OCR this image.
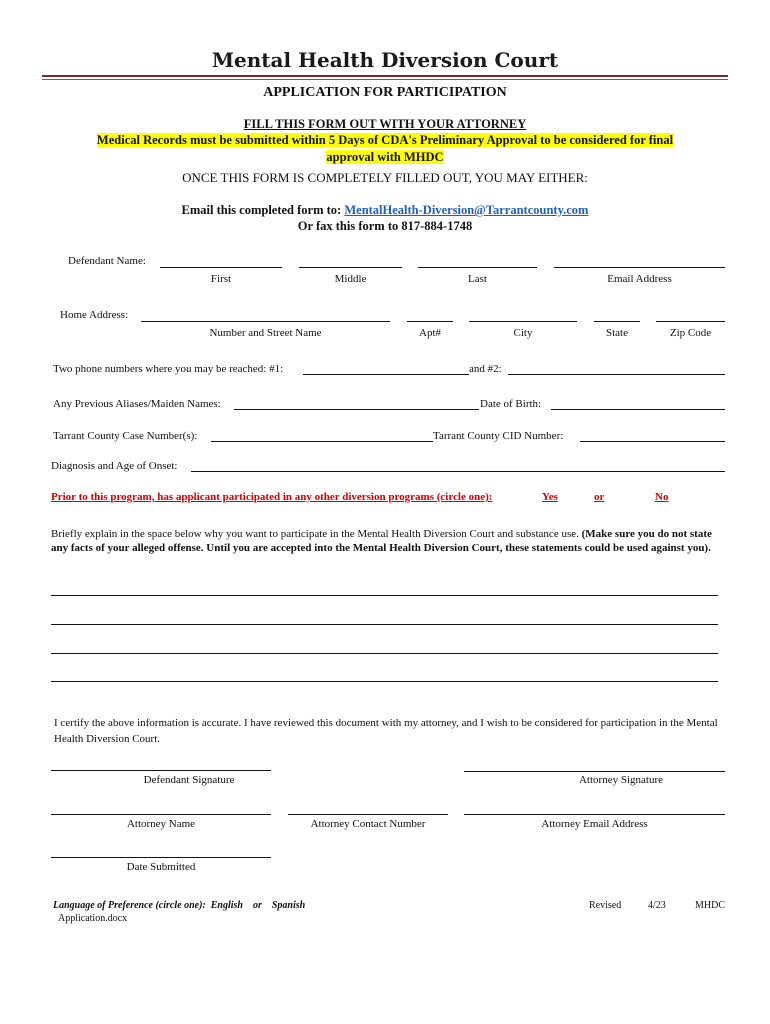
Mental Health Diversion Court
APPLICATION FOR PARTICIPATION
FILL THIS FORM OUT WITH YOUR ATTORNEY
Medical Records must be submitted within 5 Days of CDA's Preliminary Approval to be considered for final
approval with MHDC
ONCE THIS FORM IS COMPLETELY FILLED OUT, YOU MAY EITHER:
Email this completed form to: MentalHealth-Diversion@Tarrantcounty.com
Or fax this form to 817-884-1748
Defendant Name:
First	Middle	Last	Email Address
Home Address:
Number and Street Name	Apt#	City	State	Zip Code
Two phone numbers where you may be reached: #1:	and #2:
Any Previous Aliases/Maiden Names:	Date of Birth:
Tarrant County Case Number(s):	Tarrant County CID Number:
Diagnosis and Age of Onset:
Prior to this program, has applicant participated in any other diversion programs (circle one):	Yes	or	No
Briefly explain in the space below why you want to participate in the Mental Health Diversion Court and substance use. (Make sure you do not state any facts of your alleged offense. Until you are accepted into the Mental Health Diversion Court, these statements could be used against you).
I certify the above information is accurate. I have reviewed this document with my attorney, and I wish to be considered for participation in the Mental Health Diversion Court.
Defendant Signature	Attorney Signature
Attorney Name	Attorney Contact Number	Attorney Email Address
Date Submitted
Language of Preference (circle one):  English    or    Spanish
Application.docx
Revised	4/23	MHDC
